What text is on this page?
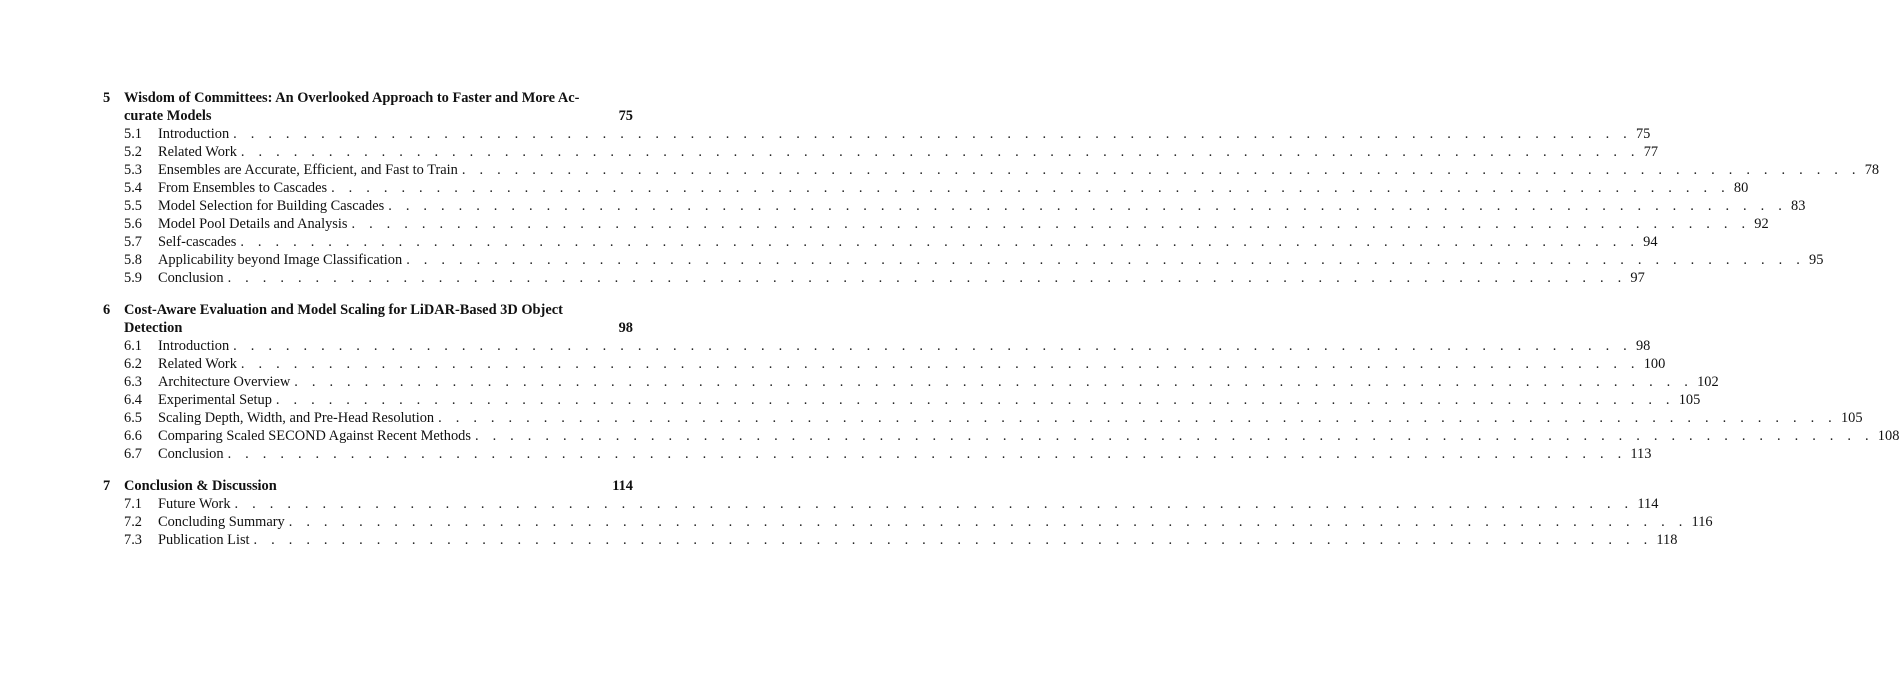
5 Wisdom of Committees: An Overlooked Approach to Faster and More Ac-
curate Models	75
5.1	Introduction . . . . . . . . . . . . . . . . . . . . . . . . . . . . . . . . . . . . . . . . . . . . . . . . . . . . . . . . . . . . . . . . . . . . . . . . . . . . . . . . 75
5.2	Related Work . . . . . . . . . . . . . . . . . . . . . . . . . . . . . . . . . . . . . . . . . . . . . . . . . . . . . . . . . . . . . . . . . . . . . . . . . . . . . . . . 77
5.3	Ensembles are Accurate, Efficient, and Fast to Train . . . . . . . . . . . . . . . . . . . . . . . . . . . . . . . . . . . . . . . . . . . . . . . . . . . . . . . . . . . . . . . . . . . . . . . . . . . . . . . . 78
5.4	From Ensembles to Cascades . . . . . . . . . . . . . . . . . . . . . . . . . . . . . . . . . . . . . . . . . . . . . . . . . . . . . . . . . . . . . . . . . . . . . . . . . . . . . . . . 80
5.5	Model Selection for Building Cascades . . . . . . . . . . . . . . . . . . . . . . . . . . . . . . . . . . . . . . . . . . . . . . . . . . . . . . . . . . . . . . . . . . . . . . . . . . . . . . . . 83
5.6	Model Pool Details and Analysis . . . . . . . . . . . . . . . . . . . . . . . . . . . . . . . . . . . . . . . . . . . . . . . . . . . . . . . . . . . . . . . . . . . . . . . . . . . . . . . . 92
5.7	Self-cascades . . . . . . . . . . . . . . . . . . . . . . . . . . . . . . . . . . . . . . . . . . . . . . . . . . . . . . . . . . . . . . . . . . . . . . . . . . . . . . . . 94
5.8	Applicability beyond Image Classification . . . . . . . . . . . . . . . . . . . . . . . . . . . . . . . . . . . . . . . . . . . . . . . . . . . . . . . . . . . . . . . . . . . . . . . . . . . . . . . . 95
5.9	Conclusion . . . . . . . . . . . . . . . . . . . . . . . . . . . . . . . . . . . . . . . . . . . . . . . . . . . . . . . . . . . . . . . . . . . . . . . . . . . . . . . . 97
6 Cost-Aware Evaluation and Model Scaling for LiDAR-Based 3D Object
Detection	98
6.1	Introduction . . . . . . . . . . . . . . . . . . . . . . . . . . . . . . . . . . . . . . . . . . . . . . . . . . . . . . . . . . . . . . . . . . . . . . . . . . . . . . . . 98
6.2	Related Work . . . . . . . . . . . . . . . . . . . . . . . . . . . . . . . . . . . . . . . . . . . . . . . . . . . . . . . . . . . . . . . . . . . . . . . . . . . . . . . . 100
6.3	Architecture Overview . . . . . . . . . . . . . . . . . . . . . . . . . . . . . . . . . . . . . . . . . . . . . . . . . . . . . . . . . . . . . . . . . . . . . . . . . . . . . . . . 102
6.4	Experimental Setup . . . . . . . . . . . . . . . . . . . . . . . . . . . . . . . . . . . . . . . . . . . . . . . . . . . . . . . . . . . . . . . . . . . . . . . . . . . . . . . . 105
6.5	Scaling Depth, Width, and Pre-Head Resolution . . . . . . . . . . . . . . . . . . . . . . . . . . . . . . . . . . . . . . . . . . . . . . . . . . . . . . . . . . . . . . . . . . . . . . . . . . . . . . . . 105
6.6	Comparing Scaled SECOND Against Recent Methods . . . . . . . . . . . . . . . . . . . . . . . . . . . . . . . . . . . . . . . . . . . . . . . . . . . . . . . . . . . . . . . . . . . . . . . . . . . . . . . . 108
6.7	Conclusion . . . . . . . . . . . . . . . . . . . . . . . . . . . . . . . . . . . . . . . . . . . . . . . . . . . . . . . . . . . . . . . . . . . . . . . . . . . . . . . . 113
7 Conclusion & Discussion	114
7.1	Future Work . . . . . . . . . . . . . . . . . . . . . . . . . . . . . . . . . . . . . . . . . . . . . . . . . . . . . . . . . . . . . . . . . . . . . . . . . . . . . . . . 114
7.2	Concluding Summary . . . . . . . . . . . . . . . . . . . . . . . . . . . . . . . . . . . . . . . . . . . . . . . . . . . . . . . . . . . . . . . . . . . . . . . . . . . . . . . . 116
7.3	Publication List . . . . . . . . . . . . . . . . . . . . . . . . . . . . . . . . . . . . . . . . . . . . . . . . . . . . . . . . . . . . . . . . . . . . . . . . . . . . . . . . 118
